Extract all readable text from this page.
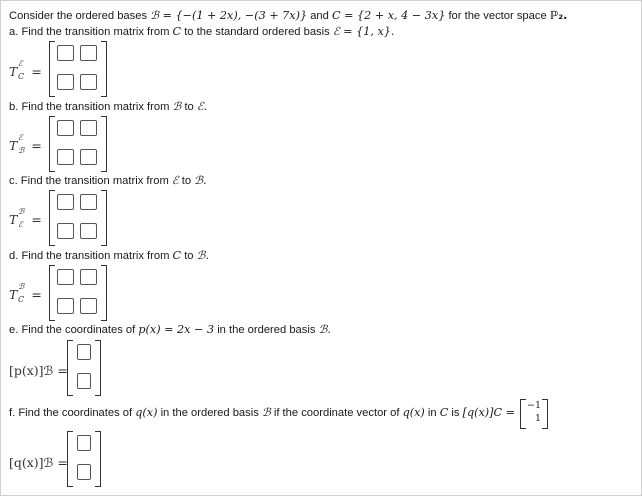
Consider the ordered bases ℬ = {−(1 + 2x), −(3 + 7x)} and C = {2 + x, 4 − 3x} for the vector space ℙ₂.
a. Find the transition matrix from C to the standard ordered basis ℰ = {1, x}.
T
ℰ
C =
b. Find the transition matrix from ℬ to ℰ.
T
ℰ
ℬ =
c. Find the transition matrix from ℰ to ℬ.
T
ℬ
ℰ =
d. Find the transition matrix from C to ℬ.
T
ℬ
C =
e. Find the coordinates of p(x) = 2x − 3 in the ordered basis ℬ.
[p(x)]ℬ =
f. Find the coordinates of q(x) in the ordered basis ℬ if the coordinate vector of q(x) in C is [q(x)]C =
−1
1
[q(x)]ℬ =
